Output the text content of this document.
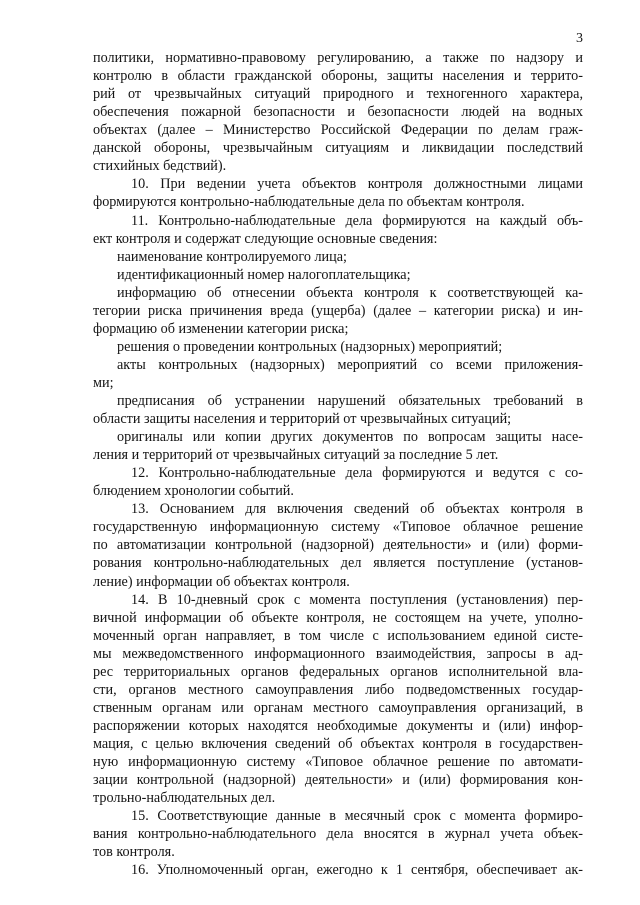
3
политики, нормативно-правовому регулированию, а также по надзору и
контролю в области гражданской обороны, защиты населения и террито-
рий от чрезвычайных ситуаций природного и техногенного характера,
обеспечения пожарной безопасности и безопасности людей на водных
объектах (далее – Министерство Российской Федерации по делам граж-
данской обороны, чрезвычайным ситуациям и ликвидации последствий
стихийных бедствий).
10. При ведении учета объектов контроля должностными лицами
формируются контрольно-наблюдательные дела по объектам контроля.
11. Контрольно-наблюдательные дела формируются на каждый объ-
ект контроля и содержат следующие основные сведения:
наименование контролируемого лица;
идентификационный номер налогоплательщика;
информацию об отнесении объекта контроля к соответствующей ка-
тегории риска причинения вреда (ущерба) (далее – категории риска) и ин-
формацию об изменении категории риска;
решения о проведении контрольных (надзорных) мероприятий;
акты контрольных (надзорных) мероприятий со всеми приложения-
ми;
предписания об устранении нарушений обязательных требований в
области защиты населения и территорий от чрезвычайных ситуаций;
оригиналы или копии других документов по вопросам защиты насе-
ления и территорий от чрезвычайных ситуаций за последние 5 лет.
12. Контрольно-наблюдательные дела формируются и ведутся с со-
блюдением хронологии событий.
13. Основанием для включения сведений об объектах контроля в
государственную информационную систему «Типовое облачное решение
по автоматизации контрольной (надзорной) деятельности» и (или) форми-
рования контрольно-наблюдательных дел является поступление (установ-
ление) информации об объектах контроля.
14. В 10-дневный срок с момента поступления (установления) пер-
вичной информации об объекте контроля, не состоящем на учете, уполно-
моченный орган направляет, в том числе с использованием единой систе-
мы межведомственного информационного взаимодействия, запросы в ад-
рес территориальных органов федеральных органов исполнительной вла-
сти, органов местного самоуправления либо подведомственных государ-
ственным органам или органам местного самоуправления организаций, в
распоряжении которых находятся необходимые документы и (или) инфор-
мация, с целью включения сведений об объектах контроля в государствен-
ную информационную систему «Типовое облачное решение по автомати-
зации контрольной (надзорной) деятельности» и (или) формирования кон-
трольно-наблюдательных дел.
15. Соответствующие данные в месячный срок с момента формиро-
вания контрольно-наблюдательного дела вносятся в журнал учета объек-
тов контроля.
16. Уполномоченный орган, ежегодно к 1 сентября, обеспечивает ак-
